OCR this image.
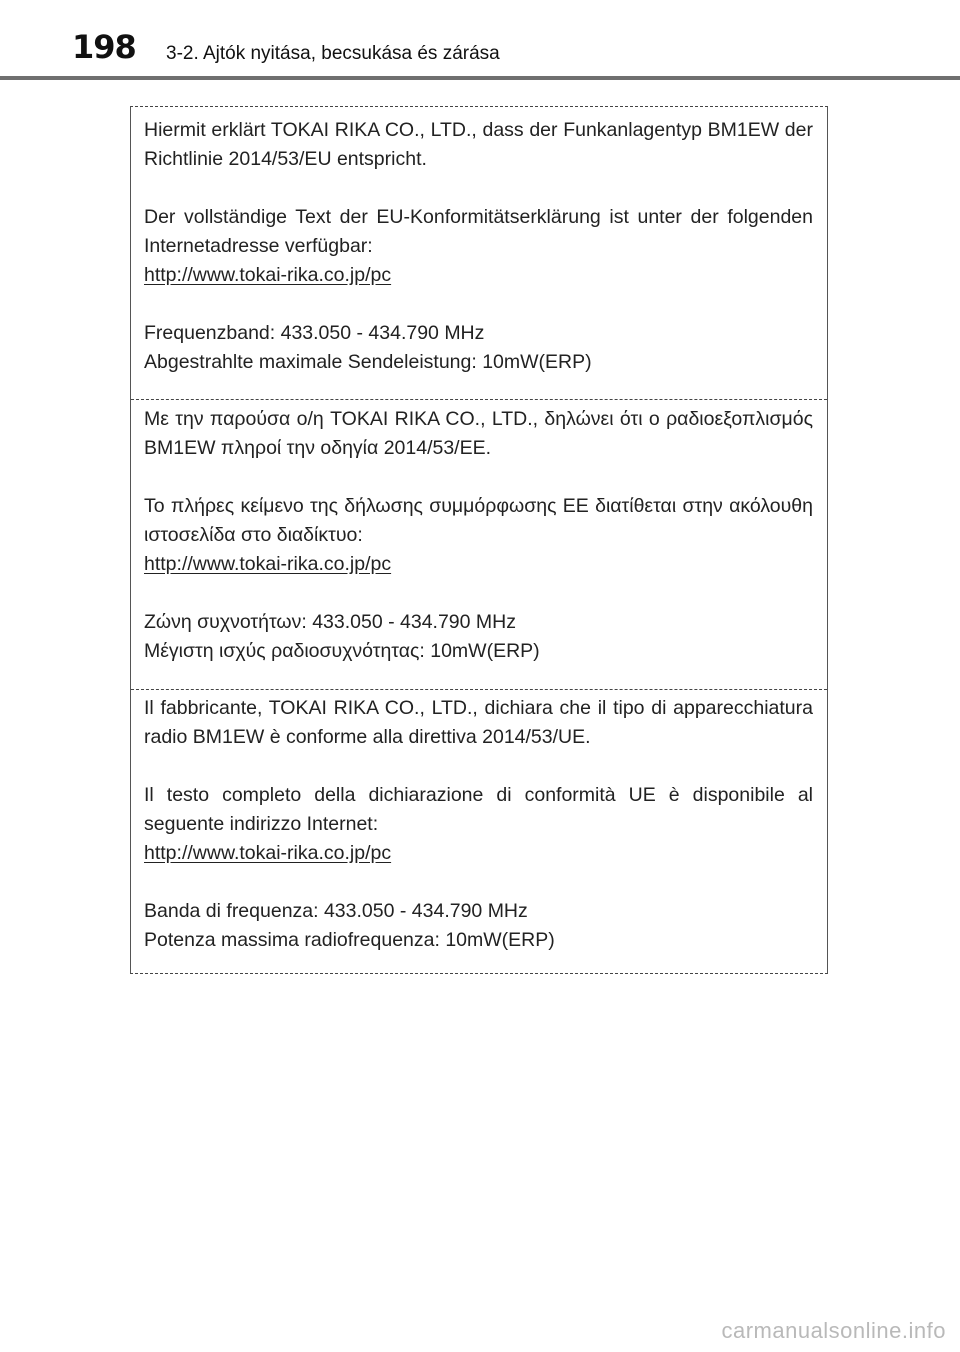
198 3-2. Ajtók nyitása, becsukása és zárása

Hiermit erklärt TOKAI RIKA CO., LTD., dass der Funkanlagentyp BM1EW der Richtlinie 2014/53/EU entspricht.

Der vollständige Text der EU-Konformitätserklärung ist unter der folgenden Internetadresse verfügbar:

http://www.tokai-rika.co.jp/pc

Frequenzband: 433.050 - 434.790 MHz

Abgestrahlte maximale Sendeleistung: 10mW(ERP)

Με την παρούσα ο/η TOKAI RIKA CO., LTD., δηλώνει ότι ο ραδιοεξοπλισμός BM1EW πληροί την οδηγία 2014/53/ΕΕ.

Το πλήρες κείμενο της δήλωσης συμμόρφωσης ΕΕ διατίθεται στην ακόλουθη ιστοσελίδα στο διαδίκτυο:

http://www.tokai-rika.co.jp/pc

Ζώνη συχνοτήτων: 433.050 - 434.790 MHz

Μέγιστη ισχύς ραδιοσυχνότητας: 10mW(ERP)

Il fabbricante, TOKAI RIKA CO., LTD., dichiara che il tipo di apparecchiatura radio BM1EW è conforme alla direttiva 2014/53/UE.

Il testo completo della dichiarazione di conformità UE è disponibile al seguente indirizzo Internet:

http://www.tokai-rika.co.jp/pc

Banda di frequenza: 433.050 - 434.790 MHz

Potenza massima radiofrequenza: 10mW(ERP)

carmanualsonline.info
